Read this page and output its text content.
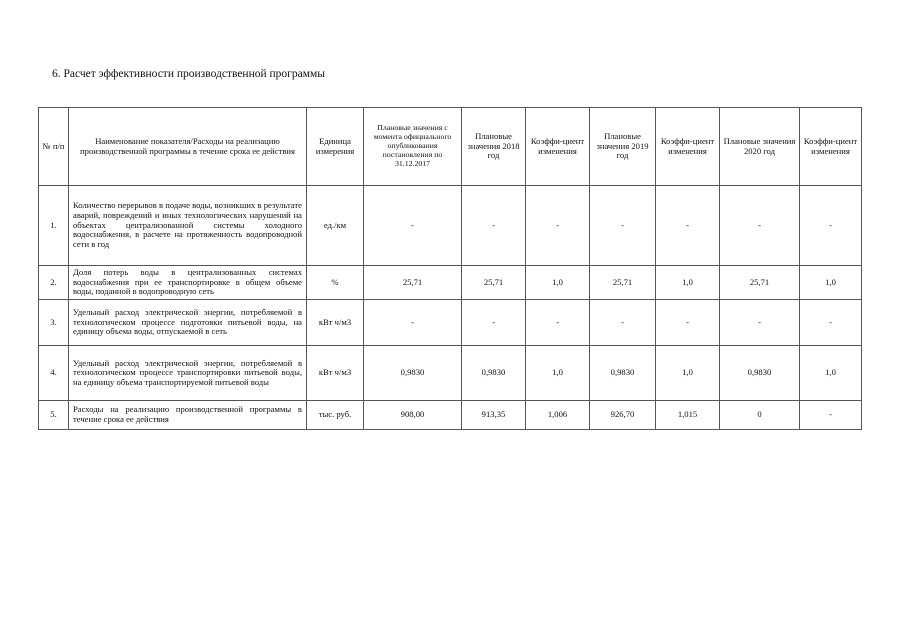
6. Расчет эффективности производственной программы
№ п/п	Наименование показателя/Расходы на реализацию производственной программы в течение срока ее действия	Единица измерения	Плановые значения с момента официального опубликования постановления по 31.12.2017	Плановые значения 2018 год	Коэффи-циент изменения	Плановые значения 2019 год	Коэффи-циент изменения	Плановые значения 2020 год	Коэффи-циент изменения
1.	Количество перерывов в подаче воды, возникших в результате аварий, повреждений и иных технологических нарушений на объектах централизованной системы холодного водоснабжения, в расчете на протяженность водопроводной сети в год	ед./км	-	-	-	-	-	-	-
2.	Доля потерь воды в централизованных системах водоснабжения при ее транспортировке в общем объеме воды, поданной в водопроводную сеть	%	25,71	25,71	1,0	25,71	1,0	25,71	1,0
3.	Удельный расход электрической энергии, потребляемой в технологическом процессе подготовки питьевой воды, на единицу объема воды, отпускаемой в сеть	кВт ч/м3	-	-	-	-	-	-	-
4.	Удельный расход электрической энергии, потребляемой в технологическом процессе транспортировки питьевой воды, на единицу объема транспортируемой питьевой воды	кВт ч/м3	0,9830	0,9830	1,0	0,9830	1,0	0,9830	1,0
5.	Расходы на реализацию производственной программы в течение срока ее действия	тыс. руб.	908,00	913,35	1,006	926,70	1,015	0	-
